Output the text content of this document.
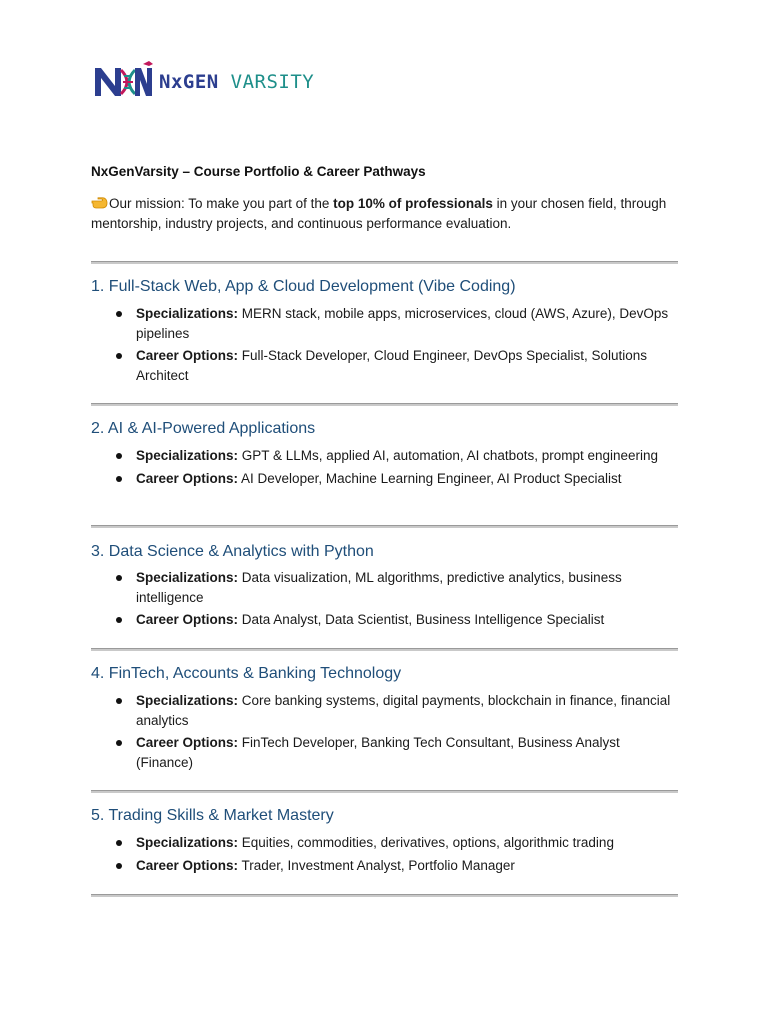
NxGEN VARSITY
NxGenVarsity – Course Portfolio & Career Pathways
Our mission: To make you part of the top 10% of professionals in your chosen field, through mentorship, industry projects, and continuous performance evaluation.
1. Full-Stack Web, App & Cloud Development (Vibe Coding)
Specializations: MERN stack, mobile apps, microservices, cloud (AWS, Azure), DevOps pipelines
Career Options: Full-Stack Developer, Cloud Engineer, DevOps Specialist, Solutions Architect
2. AI & AI-Powered Applications
Specializations: GPT & LLMs, applied AI, automation, AI chatbots, prompt engineering
Career Options: AI Developer, Machine Learning Engineer, AI Product Specialist
3. Data Science & Analytics with Python
Specializations: Data visualization, ML algorithms, predictive analytics, business intelligence
Career Options: Data Analyst, Data Scientist, Business Intelligence Specialist
4. FinTech, Accounts & Banking Technology
Specializations: Core banking systems, digital payments, blockchain in finance, financial analytics
Career Options: FinTech Developer, Banking Tech Consultant, Business Analyst (Finance)
5. Trading Skills & Market Mastery
Specializations: Equities, commodities, derivatives, options, algorithmic trading
Career Options: Trader, Investment Analyst, Portfolio Manager
